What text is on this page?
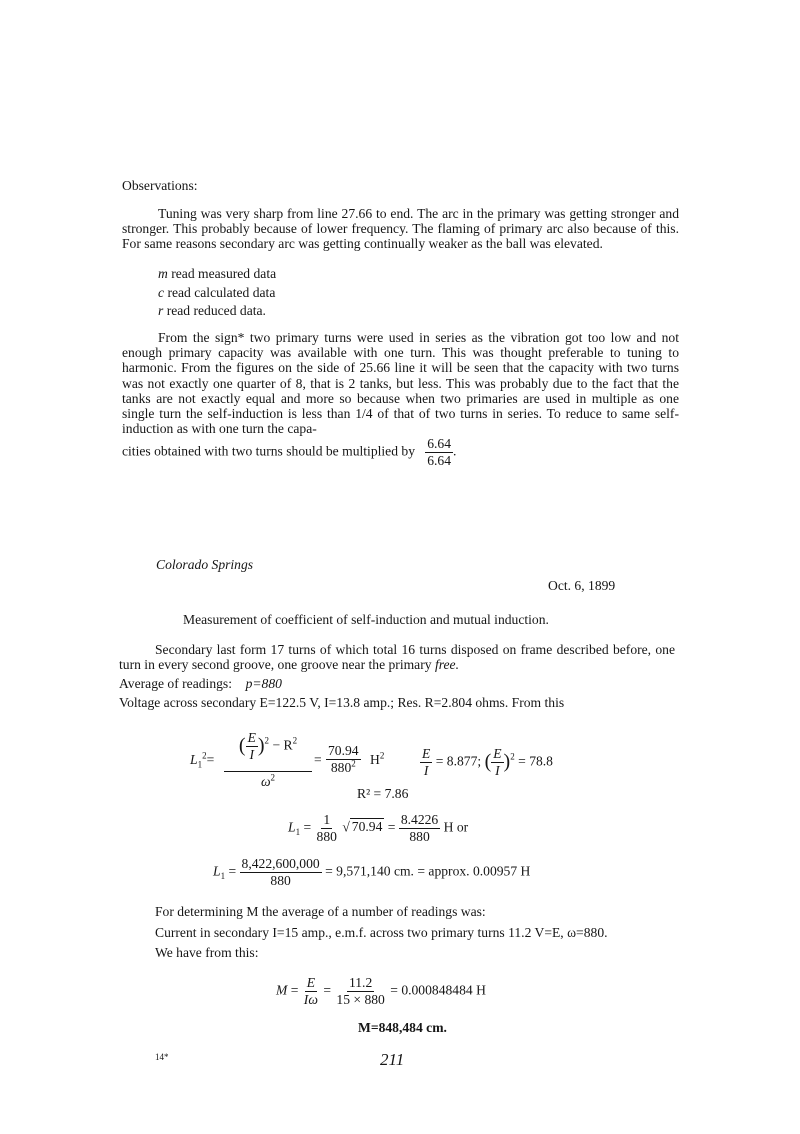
Observations:
Tuning was very sharp from line 27.66 to end. The arc in the primary was getting stronger and stronger. This probably because of lower frequency. The flaming of primary arc also because of this. For same reasons secondary arc was getting continually weaker as the ball was elevated.
m read measured data
c read calculated data
r read reduced data.
From the sign* two primary turns were used in series as the vibration got too low and not enough primary capacity was available with one turn. This was thought preferable to tuning to harmonic. From the figures on the side of 25.66 line it will be seen that the capacity with two turns was not exactly one quarter of 8, that is 2 tanks, but less. This was probably due to the fact that the tanks are not exactly equal and more so because when two primaries are used in multiple as one single turn the self-induction is less than 1/4 of that of two turns in series. To reduce to same self-induction as with one turn the capa-
cities obtained with two turns should be multiplied by $\frac{6.64}{6.64}$ .
Colorado Springs
Oct. 6, 1899
Measurement of coefficient of self-induction and mutual induction.
Secondary last form 17 turns of which total 16 turns disposed on frame described before, one turn in every second groove, one groove near the primary free.
Average of readings: p=880
Voltage across secondary E=122.5 V, I=13.8 amp.; Res. R=2.804 ohms. From this
$L_1^2=$
( $\frac{E}{I} )^2 - R^2$
$\omega^2$
= $\frac{70.94}{880^2} H^2$	$\frac{E}{I} = 8.877$; ( $\frac{E}{I} )^2 = 78.8$
R² = 7.86
$L_1 = \frac{1}{880}$ √ $70.94 = \frac{8.4226}{880}$ H or
$L_1 = \frac{8,422,600,000}{880} = 9,571,140$ cm. = approx. 0.00957 H
For determining M the average of a number of readings was:
Current in secondary I=15 amp., e.m.f. across two primary turns 11.2 V=E, ω=880.
We have from this:
$M = \frac{E}{I\omega} = \frac{11.2}{15 \times 880} = 0.000848484$ H
M=848,484 cm.
14*	211
